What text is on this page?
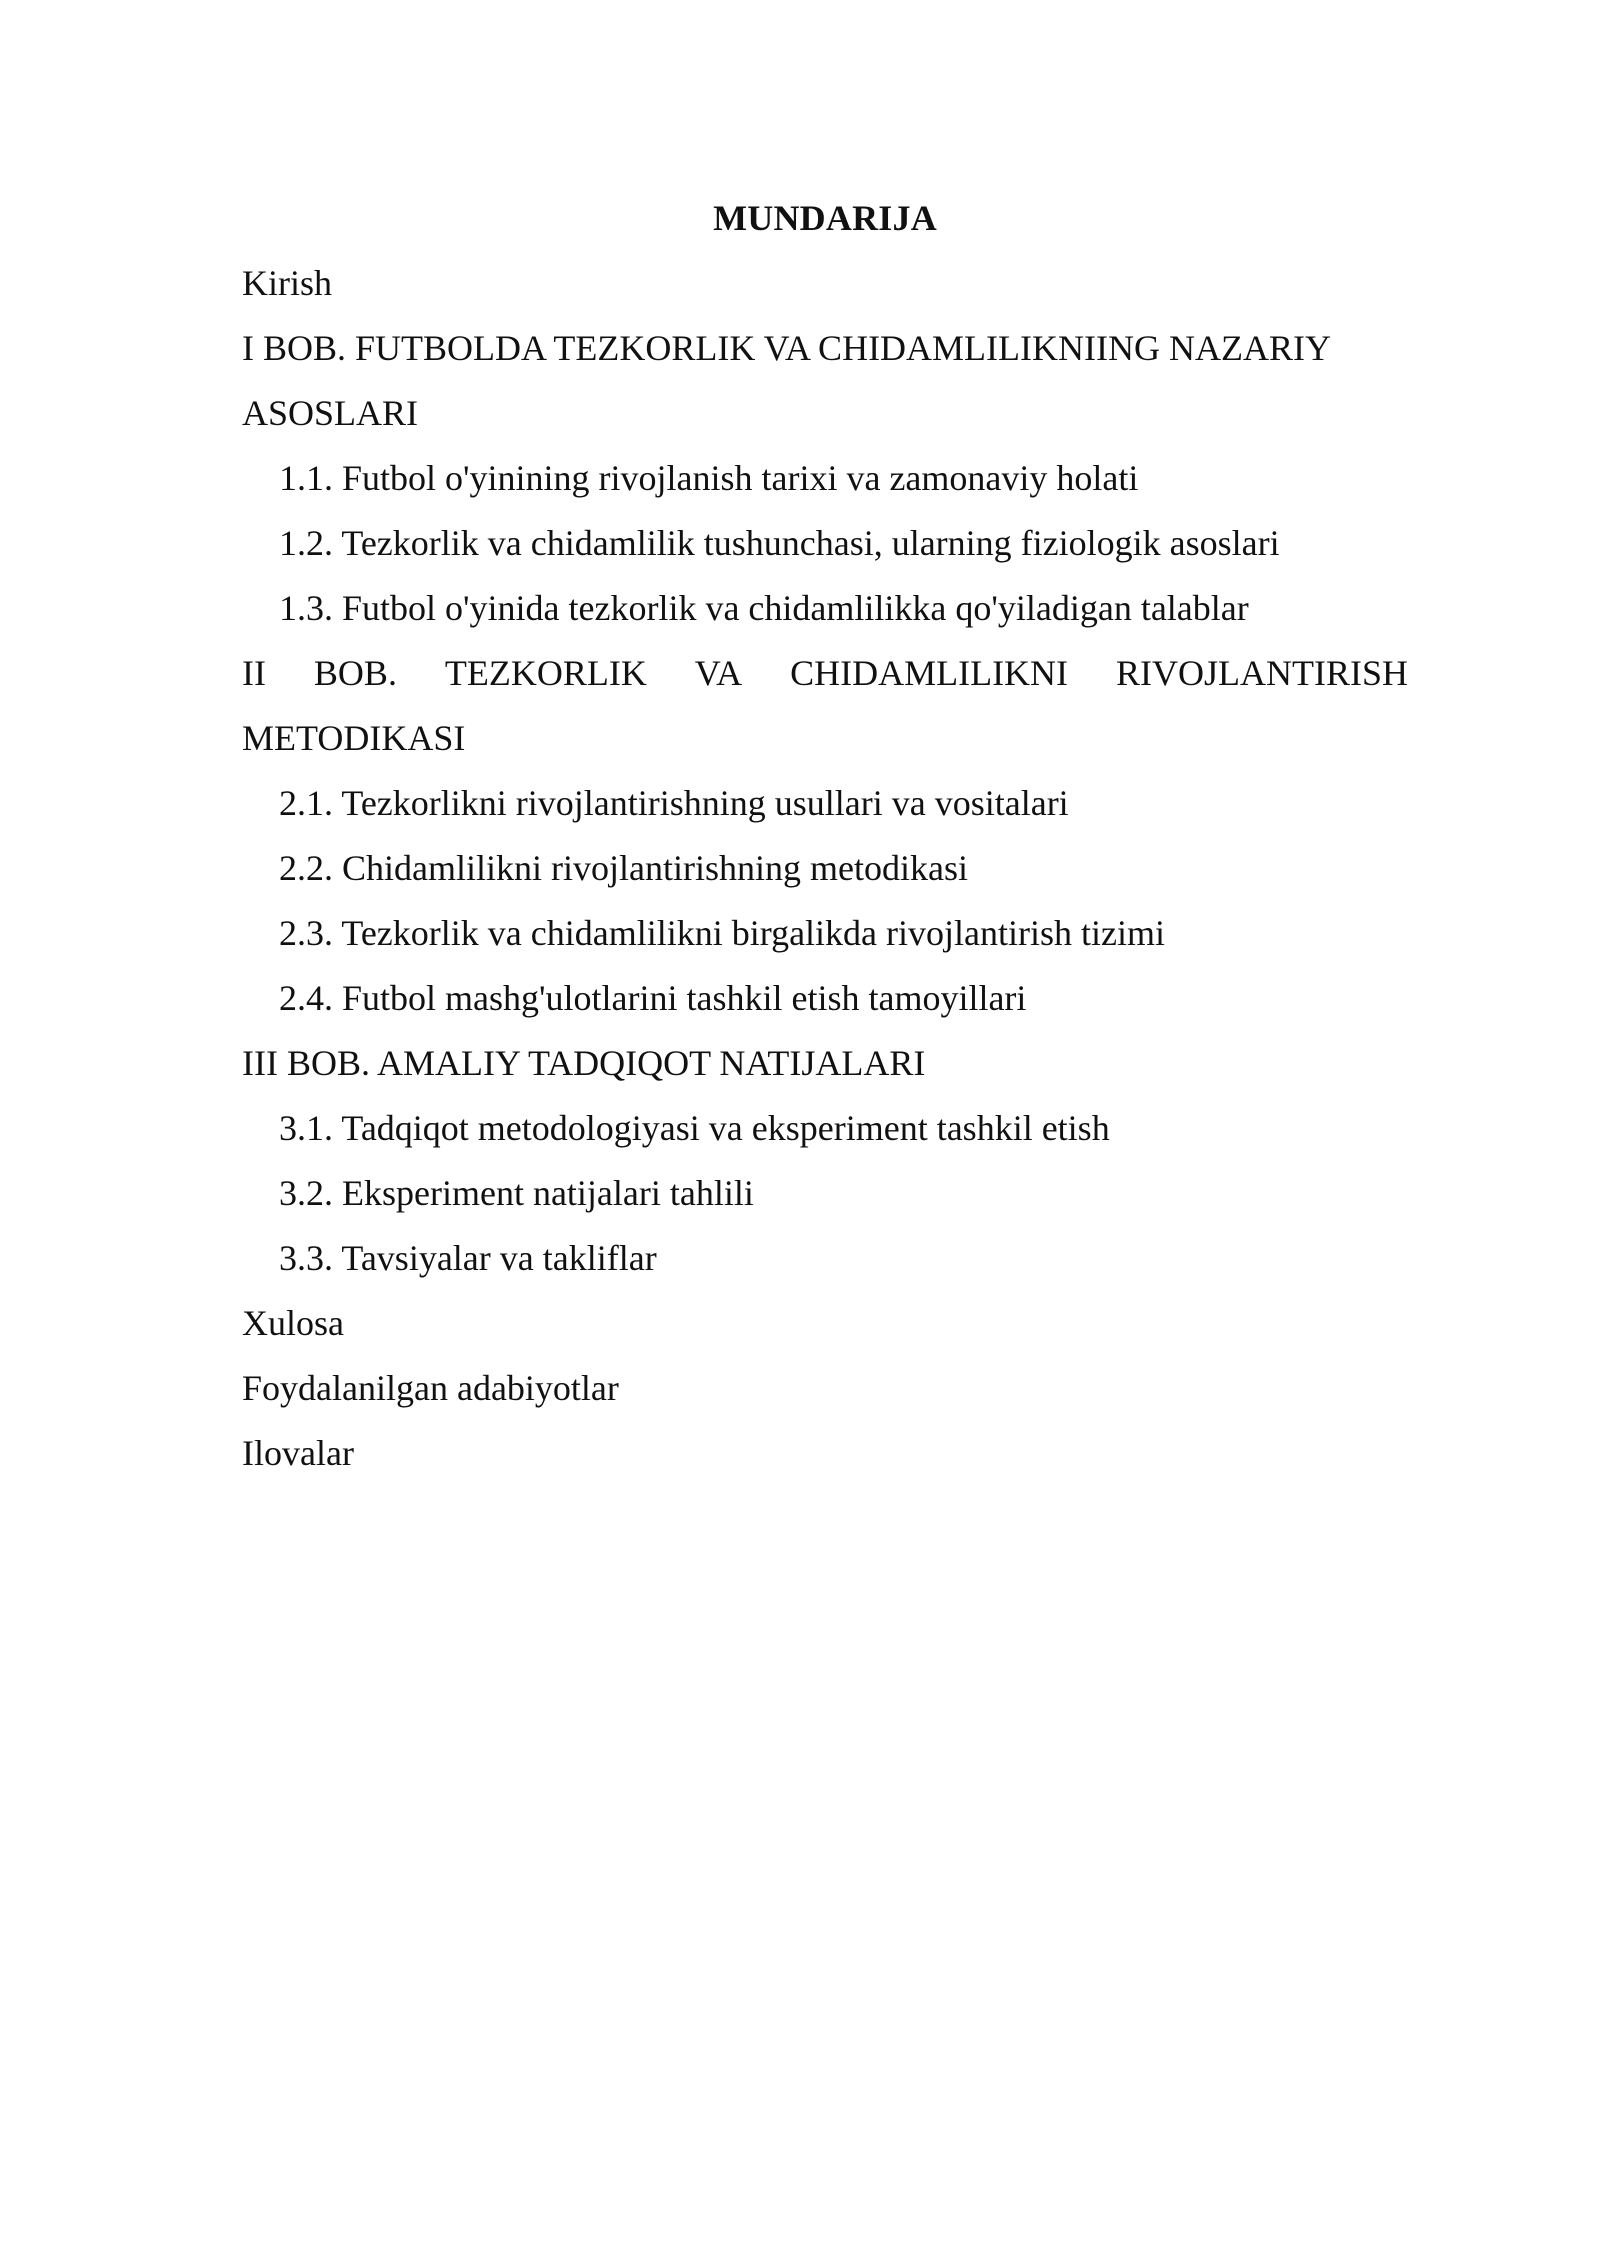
MUNDARIJA

Kirish

I BOB. FUTBOLDA TEZKORLIK VA CHIDAMLILIKNIING NAZARIY

ASOSLARI

1.1. Futbol o'yinining rivojlanish tarixi va zamonaviy holati

1.2. Tezkorlik va chidamlilik tushunchasi, ularning fiziologik asoslari

1.3. Futbol o'yinida tezkorlik va chidamlilikka qo'yiladigan talablar

II BOB. TEZKORLIK VA CHIDAMLILIKNI RIVOJLANTIRISH

METODIKASI

2.1. Tezkorlikni rivojlantirishning usullari va vositalari

2.2. Chidamlilikni rivojlantirishning metodikasi

2.3. Tezkorlik va chidamlilikni birgalikda rivojlantirish tizimi

2.4. Futbol mashg'ulotlarini tashkil etish tamoyillari

III BOB. AMALIY TADQIQOT NATIJALARI

3.1. Tadqiqot metodologiyasi va eksperiment tashkil etish

3.2. Eksperiment natijalari tahlili

3.3. Tavsiyalar va takliflar

Xulosa

Foydalanilgan adabiyotlar

Ilovalar
